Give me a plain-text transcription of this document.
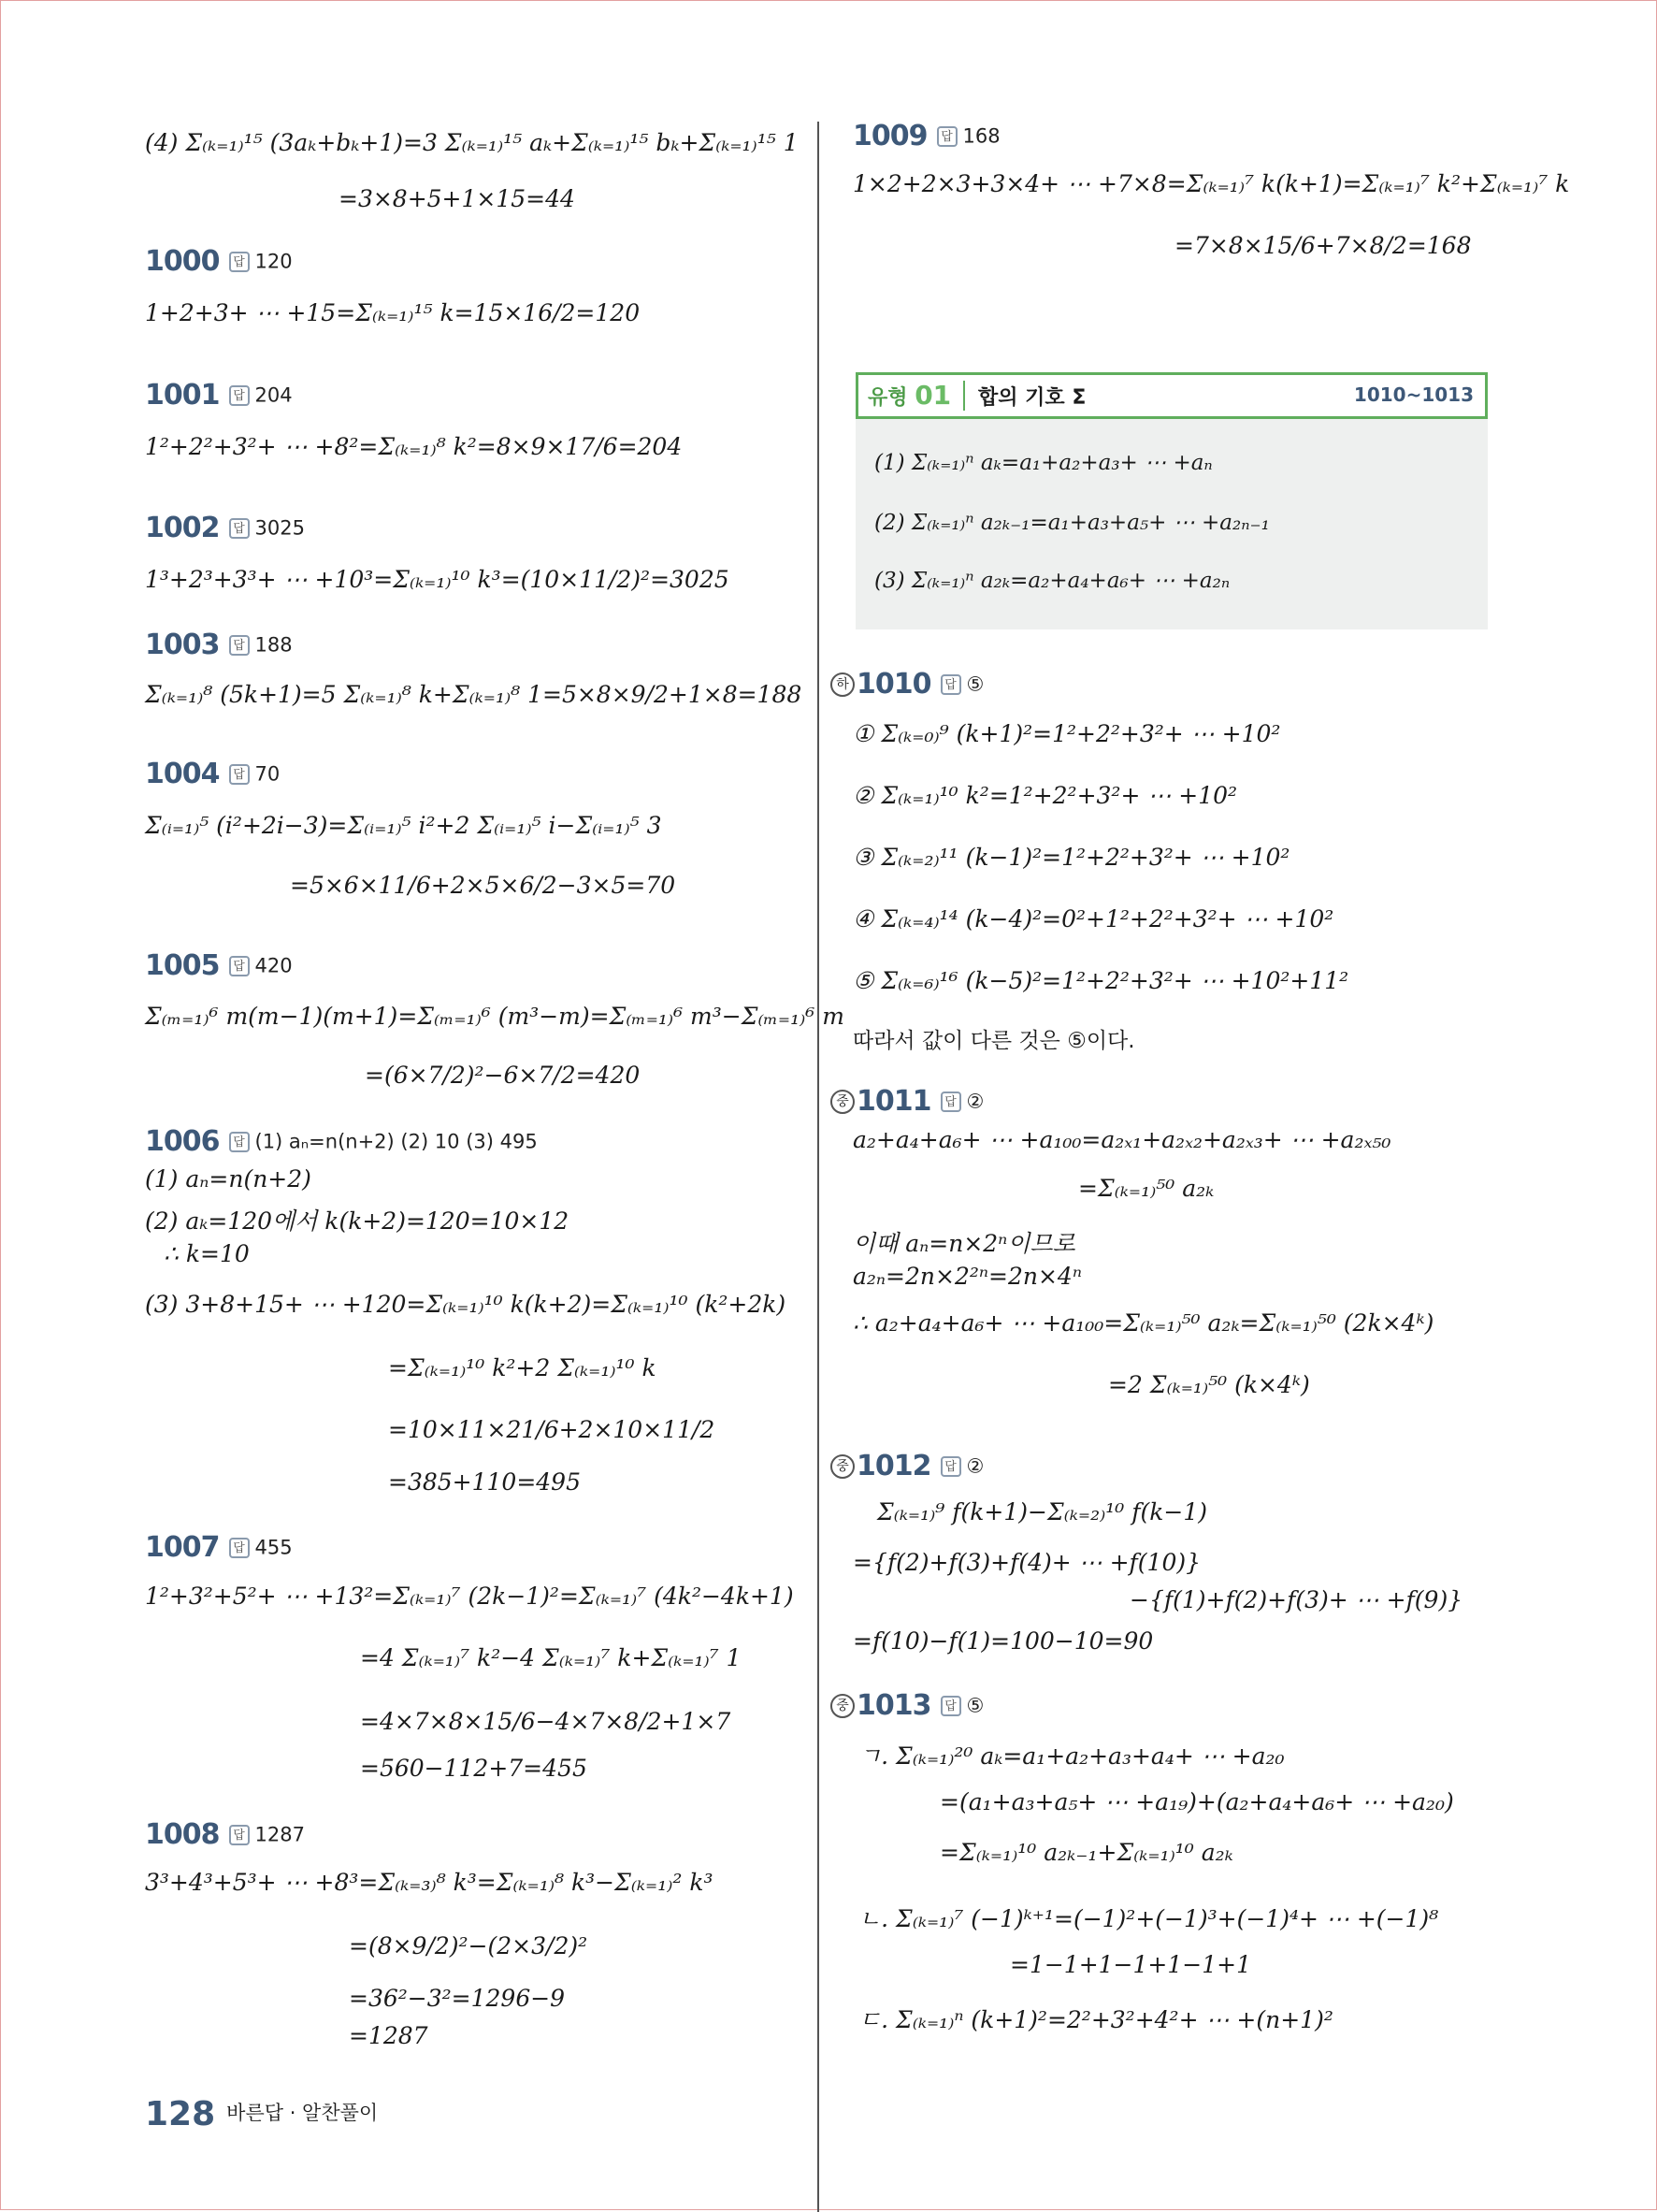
(4) Σ₍ₖ₌₁₎¹⁵ (3aₖ+bₖ+1)=3 Σ₍ₖ₌₁₎¹⁵ aₖ+Σ₍ₖ₌₁₎¹⁵ bₖ+Σ₍ₖ₌₁₎¹⁵ 1
=3×8+5+1×15=44
1000 답 120
1+2+3+ ⋯ +15=Σ₍ₖ₌₁₎¹⁵ k=15×16/2=120
1001 답 204
1²+2²+3²+ ⋯ +8²=Σ₍ₖ₌₁₎⁸ k²=8×9×17/6=204
1002 답 3025
1³+2³+3³+ ⋯ +10³=Σ₍ₖ₌₁₎¹⁰ k³=(10×11/2)²=3025
1003 답 188
Σ₍ₖ₌₁₎⁸ (5k+1)=5 Σ₍ₖ₌₁₎⁸ k+Σ₍ₖ₌₁₎⁸ 1=5×8×9/2+1×8=188
1004 답 70
Σ₍ᵢ₌₁₎⁵ (i²+2i−3)=Σ₍ᵢ₌₁₎⁵ i²+2 Σ₍ᵢ₌₁₎⁵ i−Σ₍ᵢ₌₁₎⁵ 3
=5×6×11/6+2×5×6/2−3×5=70
1005 답 420
Σ₍ₘ₌₁₎⁶ m(m−1)(m+1)=Σ₍ₘ₌₁₎⁶ (m³−m)=Σ₍ₘ₌₁₎⁶ m³−Σ₍ₘ₌₁₎⁶ m
=(6×7/2)²−6×7/2=420
1006 답 (1) aₙ=n(n+2) (2) 10 (3) 495
(1) aₙ=n(n+2)
(2) aₖ=120에서 k(k+2)=120=10×12
∴ k=10
(3) 3+8+15+ ⋯ +120=Σ₍ₖ₌₁₎¹⁰ k(k+2)=Σ₍ₖ₌₁₎¹⁰ (k²+2k)
=Σ₍ₖ₌₁₎¹⁰ k²+2 Σ₍ₖ₌₁₎¹⁰ k
=10×11×21/6+2×10×11/2
=385+110=495
1007 답 455
1²+3²+5²+ ⋯ +13²=Σ₍ₖ₌₁₎⁷ (2k−1)²=Σ₍ₖ₌₁₎⁷ (4k²−4k+1)
=4 Σ₍ₖ₌₁₎⁷ k²−4 Σ₍ₖ₌₁₎⁷ k+Σ₍ₖ₌₁₎⁷ 1
=4×7×8×15/6−4×7×8/2+1×7
=560−112+7=455
1008 답 1287
3³+4³+5³+ ⋯ +8³=Σ₍ₖ₌₃₎⁸ k³=Σ₍ₖ₌₁₎⁸ k³−Σ₍ₖ₌₁₎² k³
=(8×9/2)²−(2×3/2)²
=36²−3²=1296−9
=1287
1009 답 168
1×2+2×3+3×4+ ⋯ +7×8=Σ₍ₖ₌₁₎⁷ k(k+1)=Σ₍ₖ₌₁₎⁷ k²+Σ₍ₖ₌₁₎⁷ k
=7×8×15/6+7×8/2=168
유형 01 합의 기호 Σ	1010~1013
(1) Σ₍ₖ₌₁₎ⁿ aₖ=a₁+a₂+a₃+ ⋯ +aₙ
(2) Σ₍ₖ₌₁₎ⁿ a₂ₖ₋₁=a₁+a₃+a₅+ ⋯ +a₂ₙ₋₁
(3) Σ₍ₖ₌₁₎ⁿ a₂ₖ=a₂+a₄+a₆+ ⋯ +a₂ₙ
하 1010 답 ⑤
① Σ₍ₖ₌₀₎⁹ (k+1)²=1²+2²+3²+ ⋯ +10²
② Σ₍ₖ₌₁₎¹⁰ k²=1²+2²+3²+ ⋯ +10²
③ Σ₍ₖ₌₂₎¹¹ (k−1)²=1²+2²+3²+ ⋯ +10²
④ Σ₍ₖ₌₄₎¹⁴ (k−4)²=0²+1²+2²+3²+ ⋯ +10²
⑤ Σ₍ₖ₌₆₎¹⁶ (k−5)²=1²+2²+3²+ ⋯ +10²+11²
따라서 값이 다른 것은 ⑤이다.
중 1011 답 ②
a₂+a₄+a₆+ ⋯ +a₁₀₀=a₂ₓ₁+a₂ₓ₂+a₂ₓ₃+ ⋯ +a₂ₓ₅₀
=Σ₍ₖ₌₁₎⁵⁰ a₂ₖ
이때 aₙ=n×2ⁿ이므로
a₂ₙ=2n×2²ⁿ=2n×4ⁿ
∴ a₂+a₄+a₆+ ⋯ +a₁₀₀=Σ₍ₖ₌₁₎⁵⁰ a₂ₖ=Σ₍ₖ₌₁₎⁵⁰ (2k×4ᵏ)
=2 Σ₍ₖ₌₁₎⁵⁰ (k×4ᵏ)
중 1012 답 ②
Σ₍ₖ₌₁₎⁹ f(k+1)−Σ₍ₖ₌₂₎¹⁰ f(k−1)
={f(2)+f(3)+f(4)+ ⋯ +f(10)}
−{f(1)+f(2)+f(3)+ ⋯ +f(9)}
=f(10)−f(1)=100−10=90
중 1013 답 ⑤
ㄱ. Σ₍ₖ₌₁₎²⁰ aₖ=a₁+a₂+a₃+a₄+ ⋯ +a₂₀
=(a₁+a₃+a₅+ ⋯ +a₁₉)+(a₂+a₄+a₆+ ⋯ +a₂₀)
=Σ₍ₖ₌₁₎¹⁰ a₂ₖ₋₁+Σ₍ₖ₌₁₎¹⁰ a₂ₖ
ㄴ. Σ₍ₖ₌₁₎⁷ (−1)ᵏ⁺¹=(−1)²+(−1)³+(−1)⁴+ ⋯ +(−1)⁸
=1−1+1−1+1−1+1
ㄷ. Σ₍ₖ₌₁₎ⁿ (k+1)²=2²+3²+4²+ ⋯ +(n+1)²
128 바른답 · 알찬풀이
